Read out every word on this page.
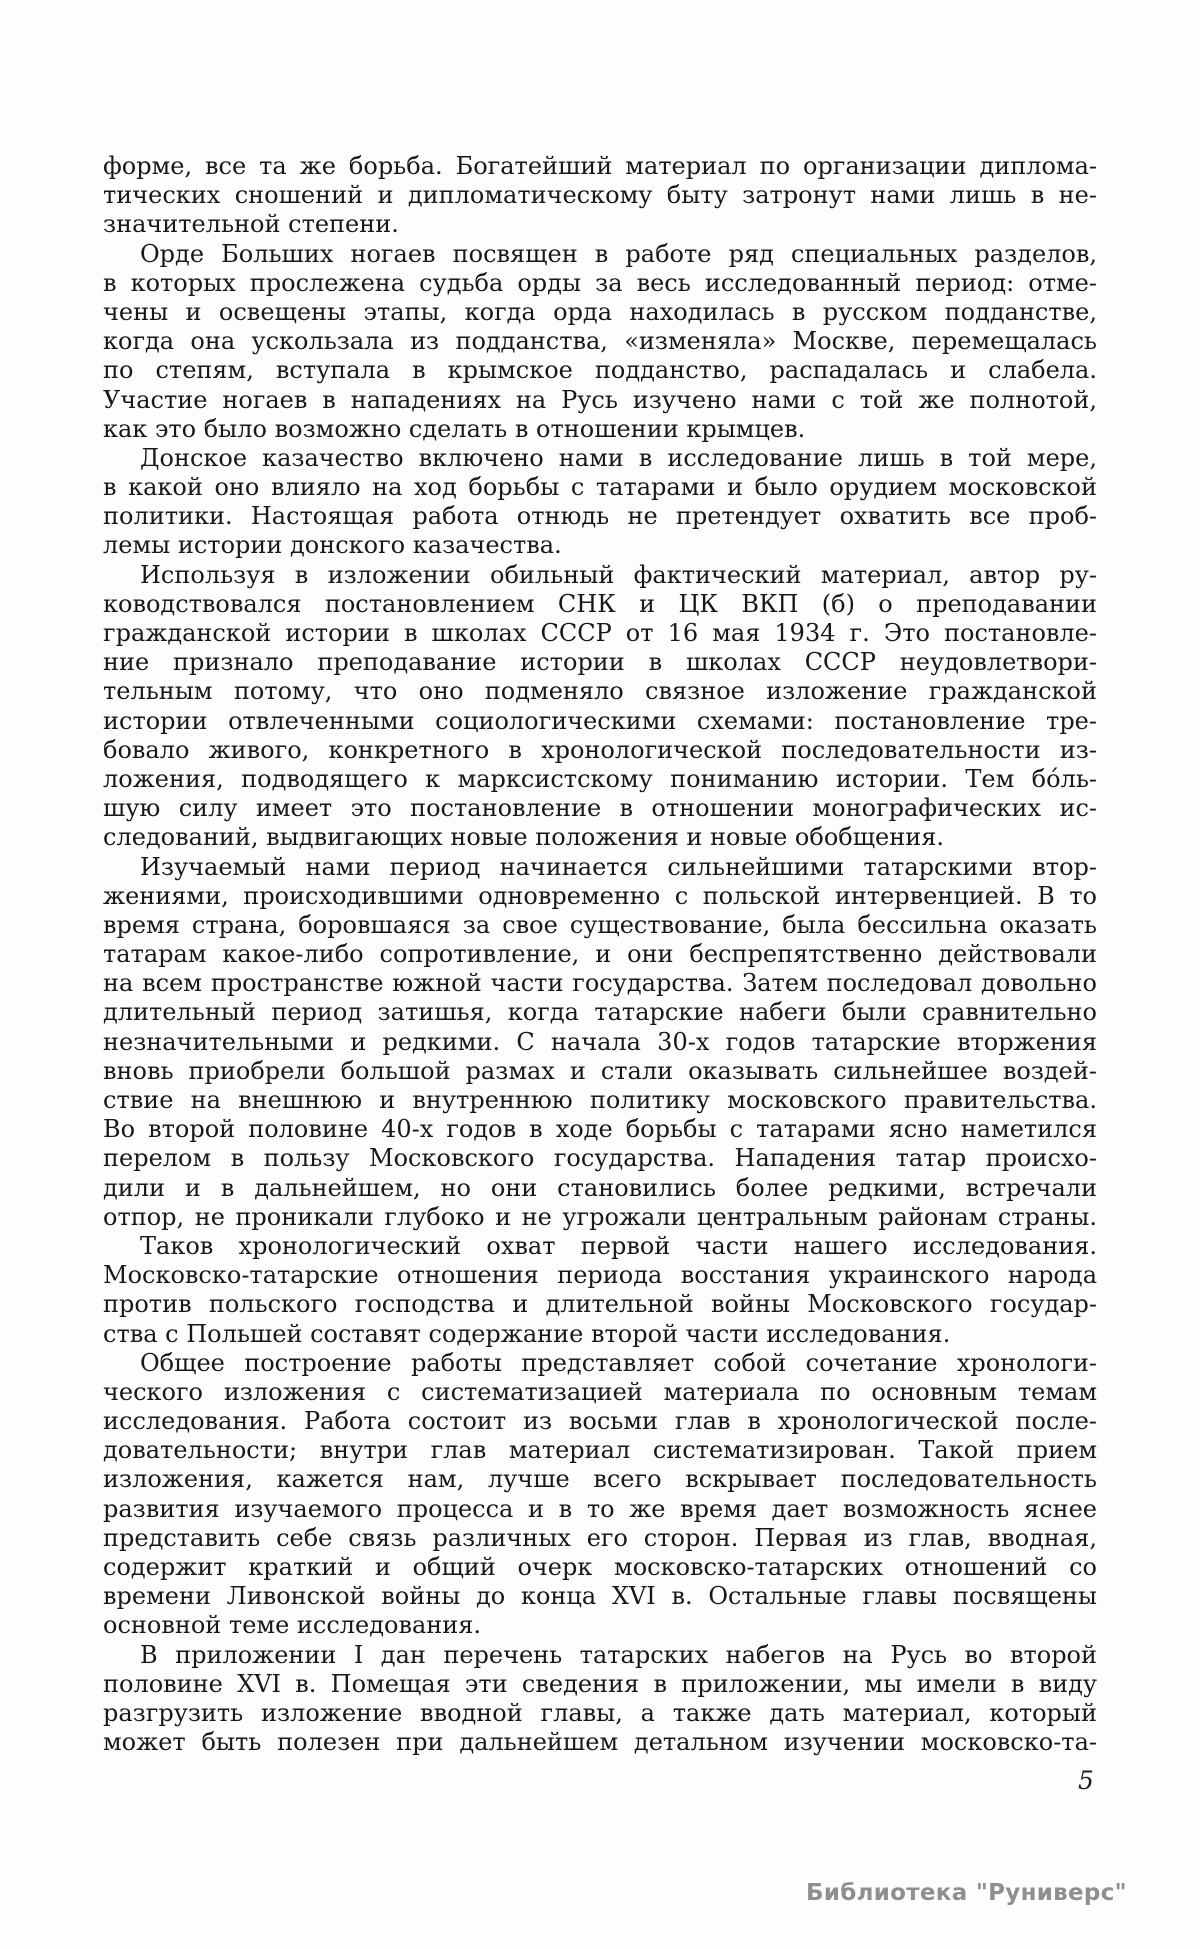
форме, все та же борьба. Богатейший материал по организации диплома-
тических сношений и дипломатическому быту затронут нами лишь в не-
значительной степени.
Орде Больших ногаев посвящен в работе ряд специальных разделов,
в которых прослежена судьба орды за весь исследованный период: отме-
чены и освещены этапы, когда орда находилась в русском подданстве,
когда она ускользала из подданства, «изменяла» Москве, перемещалась
по степям, вступала в крымское подданство, распадалась и слабела.
Участие ногаев в нападениях на Русь изучено нами с той же полнотой,
как это было возможно сделать в отношении крымцев.
Донское казачество включено нами в исследование лишь в той мере,
в какой оно влияло на ход борьбы с татарами и было орудием московской
политики. Настоящая работа отнюдь не претендует охватить все проб-
лемы истории донского казачества.
Используя в изложении обильный фактический материал, автор ру-
ководствовался постановлением СНК и ЦК ВКП (б) о преподавании
гражданской истории в школах СССР от 16 мая 1934 г. Это постановле-
ние признало преподавание истории в школах СССР неудовлетвори-
тельным потому, что оно подменяло связное изложение гражданской
истории отвлеченными социологическими схемами: постановление тре-
бовало живого, конкретного в хронологической последовательности из-
ложения, подводящего к марксистскому пониманию истории. Тем бо́ль-
шую силу имеет это постановление в отношении монографических ис-
следований, выдвигающих новые положения и новые обобщения.
Изучаемый нами период начинается сильнейшими татарскими втор-
жениями, происходившими одновременно с польской интервенцией. В то
время страна, боровшаяся за свое существование, была бессильна оказать
татарам какое-либо сопротивление, и они беспрепятственно действовали
на всем пространстве южной части государства. Затем последовал довольно
длительный период затишья, когда татарские набеги были сравнительно
незначительными и редкими. С начала 30-х годов татарские вторжения
вновь приобрели большой размах и стали оказывать сильнейшее воздей-
ствие на внешнюю и внутреннюю политику московского правительства.
Во второй половине 40-х годов в ходе борьбы с татарами ясно наметился
перелом в пользу Московского государства. Нападения татар происхо-
дили и в дальнейшем, но они становились более редкими, встречали
отпор, не проникали глубоко и не угрожали центральным районам страны.
Таков хронологический охват первой части нашего исследования.
Московско-татарские отношения периода восстания украинского народа
против польского господства и длительной войны Московского государ-
ства с Польшей составят содержание второй части исследования.
Общее построение работы представляет собой сочетание хронологи-
ческого изложения с систематизацией материала по основным темам
исследования. Работа состоит из восьми глав в хронологической после-
довательности; внутри глав материал систематизирован. Такой прием
изложения, кажется нам, лучше всего вскрывает последовательность
развития изучаемого процесса и в то же время дает возможность яснее
представить себе связь различных его сторон. Первая из глав, вводная,
содержит краткий и общий очерк московско-татарских отношений со
времени Ливонской войны до конца XVI в. Остальные главы посвящены
основной теме исследования.
В приложении I дан перечень татарских набегов на Русь во второй
половине XVI в. Помещая эти сведения в приложении, мы имели в виду
разгрузить изложение вводной главы, а также дать материал, который
может быть полезен при дальнейшем детальном изучении московско-та-
5
Библиотека "Руниверс"
